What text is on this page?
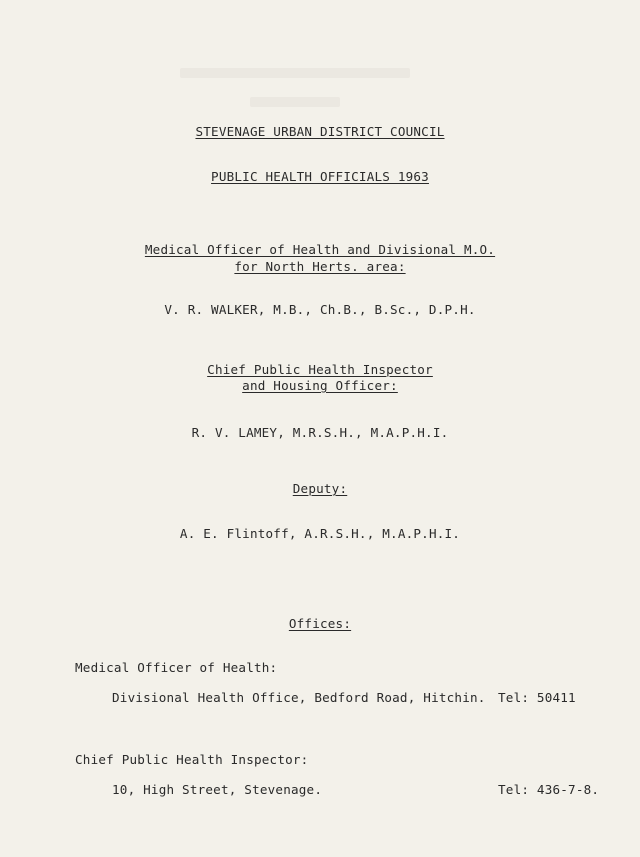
STEVENAGE URBAN DISTRICT COUNCIL
PUBLIC HEALTH OFFICIALS 1963
Medical Officer of Health and Divisional M.O.
for North Herts. area:
V. R. WALKER, M.B., Ch.B., B.Sc., D.P.H.
Chief Public Health Inspector
and Housing Officer:
R. V. LAMEY, M.R.S.H., M.A.P.H.I.
Deputy:
A. E. Flintoff, A.R.S.H., M.A.P.H.I.
Offices:
Medical Officer of Health:
Divisional Health Office, Bedford Road, Hitchin. Tel: 50411
Chief Public Health Inspector:
10, High Street, Stevenage.	Tel: 436-7-8.
